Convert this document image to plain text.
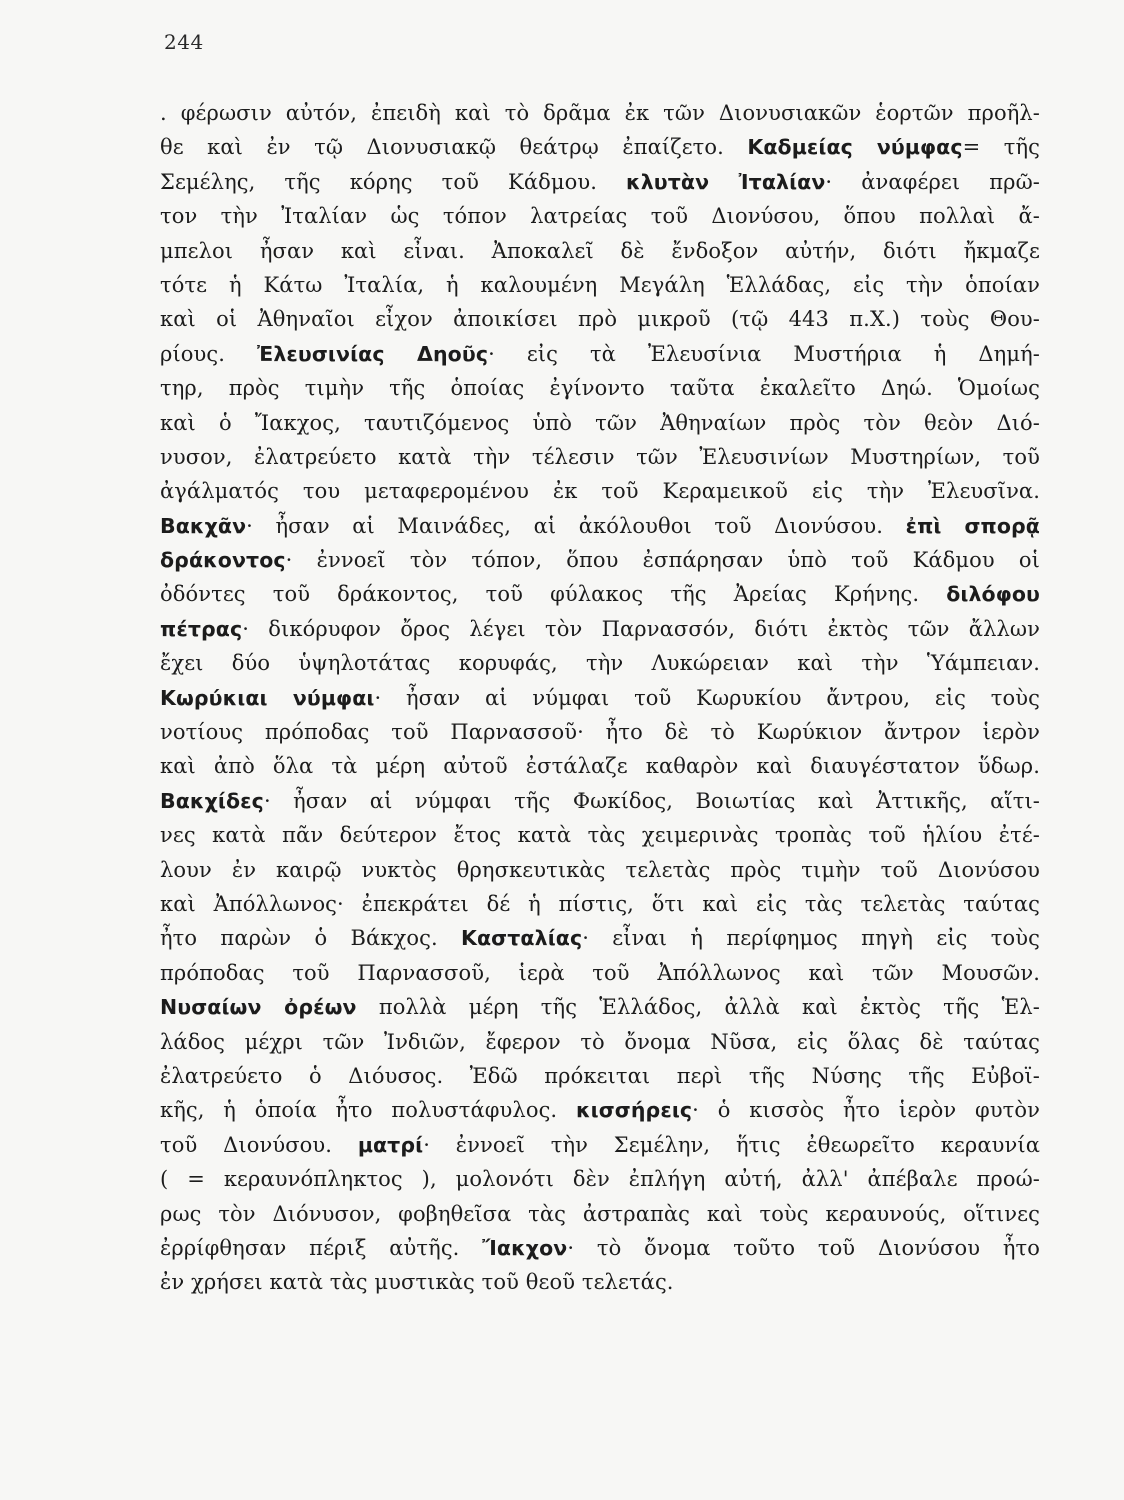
244
. φέρωσιν αὐτόν, ἐπειδὴ καὶ τὸ δρᾶμα ἐκ τῶν Διονυσιακῶν ἑορτῶν προῆλ-
θε καὶ ἐν τῷ Διονυσιακῷ θεάτρῳ ἐπαίζετο. Καδμείας νύμφας= τῆς
Σεμέλης, τῆς κόρης τοῦ Κάδμου. κλυτὰν Ἰταλίαν· ἀναφέρει πρῶ-
τον τὴν Ἰταλίαν ὡς τόπον λατρείας τοῦ Διονύσου, ὅπου πολλαὶ ἄ-
μπελοι ἦσαν καὶ εἶναι. Ἀποκαλεῖ δὲ ἔνδοξον αὐτήν, διότι ἤκμαζε
τότε ἡ Κάτω Ἰταλία, ἡ καλουμένη Μεγάλη Ἑλλάδας, εἰς τὴν ὁποίαν
καὶ οἱ Ἀθηναῖοι εἶχον ἀποικίσει πρὸ μικροῦ (τῷ 443 π.Χ.) τοὺς Θου-
ρίους. Ἐλευσινίας Δηοῦς· εἰς τὰ Ἐλευσίνια Μυστήρια ἡ Δημή-
τηρ, πρὸς τιμὴν τῆς ὁποίας ἐγίνοντο ταῦτα ἐκαλεῖτο Δηώ. Ὁμοίως
καὶ ὁ Ἴακχος, ταυτιζόμενος ὑπὸ τῶν Ἀθηναίων πρὸς τὸν θεὸν Διό-
νυσον, ἐλατρεύετο κατὰ τὴν τέλεσιν τῶν Ἐλευσινίων Μυστηρίων, τοῦ
ἀγάλματός του μεταφερομένου ἐκ τοῦ Κεραμεικοῦ εἰς τὴν Ἐλευσῖνα.
Βακχᾶν· ἦσαν αἱ Μαινάδες, αἱ ἀκόλουθοι τοῦ Διονύσου. ἐπὶ σπορᾷ
δράκοντος· ἐννοεῖ τὸν τόπον, ὅπου ἐσπάρησαν ὑπὸ τοῦ Κάδμου οἱ
ὀδόντες τοῦ δράκοντος, τοῦ φύλακος τῆς Ἀρείας Κρήνης. διλόφου
πέτρας· δικόρυφον ὄρος λέγει τὸν Παρνασσόν, διότι ἐκτὸς τῶν ἄλλων
ἔχει δύο ὑψηλοτάτας κορυφάς, τὴν Λυκώρειαν καὶ τὴν Ὑάμπειαν.
Κωρύκιαι νύμφαι· ἦσαν αἱ νύμφαι τοῦ Κωρυκίου ἄντρου, εἰς τοὺς
νοτίους πρόποδας τοῦ Παρνασσοῦ· ἦτο δὲ τὸ Κωρύκιον ἄντρον ἱερὸν
καὶ ἀπὸ ὅλα τὰ μέρη αὐτοῦ ἐστάλαζε καθαρὸν καὶ διαυγέστατον ὕδωρ.
Βακχίδες· ἦσαν αἱ νύμφαι τῆς Φωκίδος, Βοιωτίας καὶ Ἀττικῆς, αἵτι-
νες κατὰ πᾶν δεύτερον ἔτος κατὰ τὰς χειμερινὰς τροπὰς τοῦ ἡλίου ἐτέ-
λουν ἐν καιρῷ νυκτὸς θρησκευτικὰς τελετὰς πρὸς τιμὴν τοῦ Διονύσου
καὶ Ἀπόλλωνος· ἐπεκράτει δέ ἡ πίστις, ὅτι καὶ εἰς τὰς τελετὰς ταύτας
ἦτο παρὼν ὁ Βάκχος. Κασταλίας· εἶναι ἡ περίφημος πηγὴ εἰς τοὺς
πρόποδας τοῦ Παρνασσοῦ, ἱερὰ τοῦ Ἀπόλλωνος καὶ τῶν Μουσῶν.
Νυσαίων ὀρέων πολλὰ μέρη τῆς Ἑλλάδος, ἀλλὰ καὶ ἐκτὸς τῆς Ἑλ-
λάδος μέχρι τῶν Ἰνδιῶν, ἔφερον τὸ ὄνομα Νῦσα, εἰς ὅλας δὲ ταύτας
ἐλατρεύετο ὁ Διόυσος. Ἐδῶ πρόκειται περὶ τῆς Νύσης τῆς Εὐβοϊ-
κῆς, ἡ ὁποία ἦτο πολυστάφυλος. κισσήρεις· ὁ κισσὸς ἦτο ἱερὸν φυτὸν
τοῦ Διονύσου. ματρί· ἐννοεῖ τὴν Σεμέλην, ἥτις ἐθεωρεῖτο κεραυνία
( = κεραυνόπληκτος ), μολονότι δὲν ἐπλήγη αὐτή, ἀλλ' ἀπέβαλε προώ-
ρως τὸν Διόνυσον, φοβηθεῖσα τὰς ἀστραπὰς καὶ τοὺς κεραυνούς, οἵτινες
ἐρρίφθησαν πέριξ αὐτῆς. Ἴακχον· τὸ ὄνομα τοῦτο τοῦ Διονύσου ἦτο
ἐν χρήσει κατὰ τὰς μυστικὰς τοῦ θεοῦ τελετάς.
